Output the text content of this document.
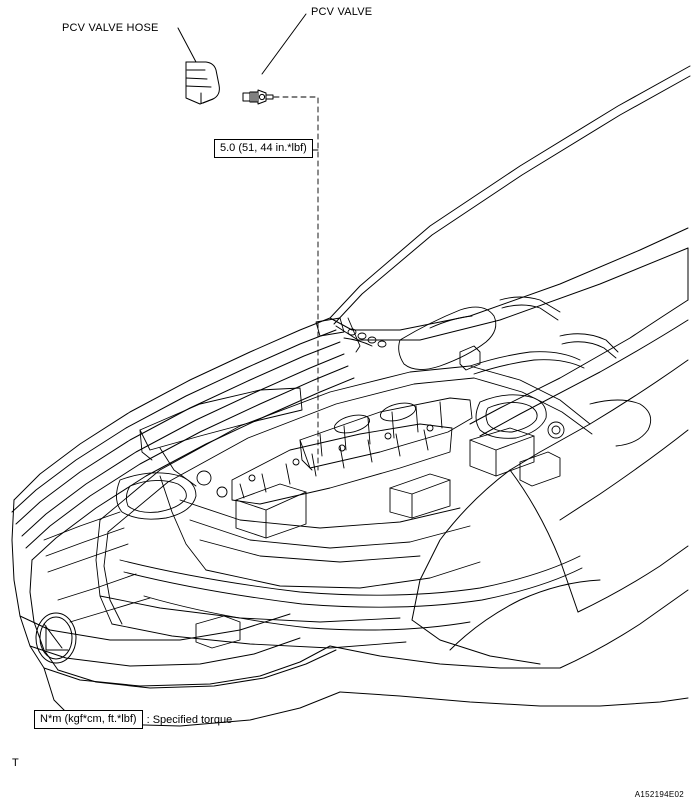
PCV VALVE HOSE
PCV VALVE
5.0 (51, 44 in.*lbf)
N*m (kgf*cm, ft.*lbf) : Specified torque
T
A152194E02
